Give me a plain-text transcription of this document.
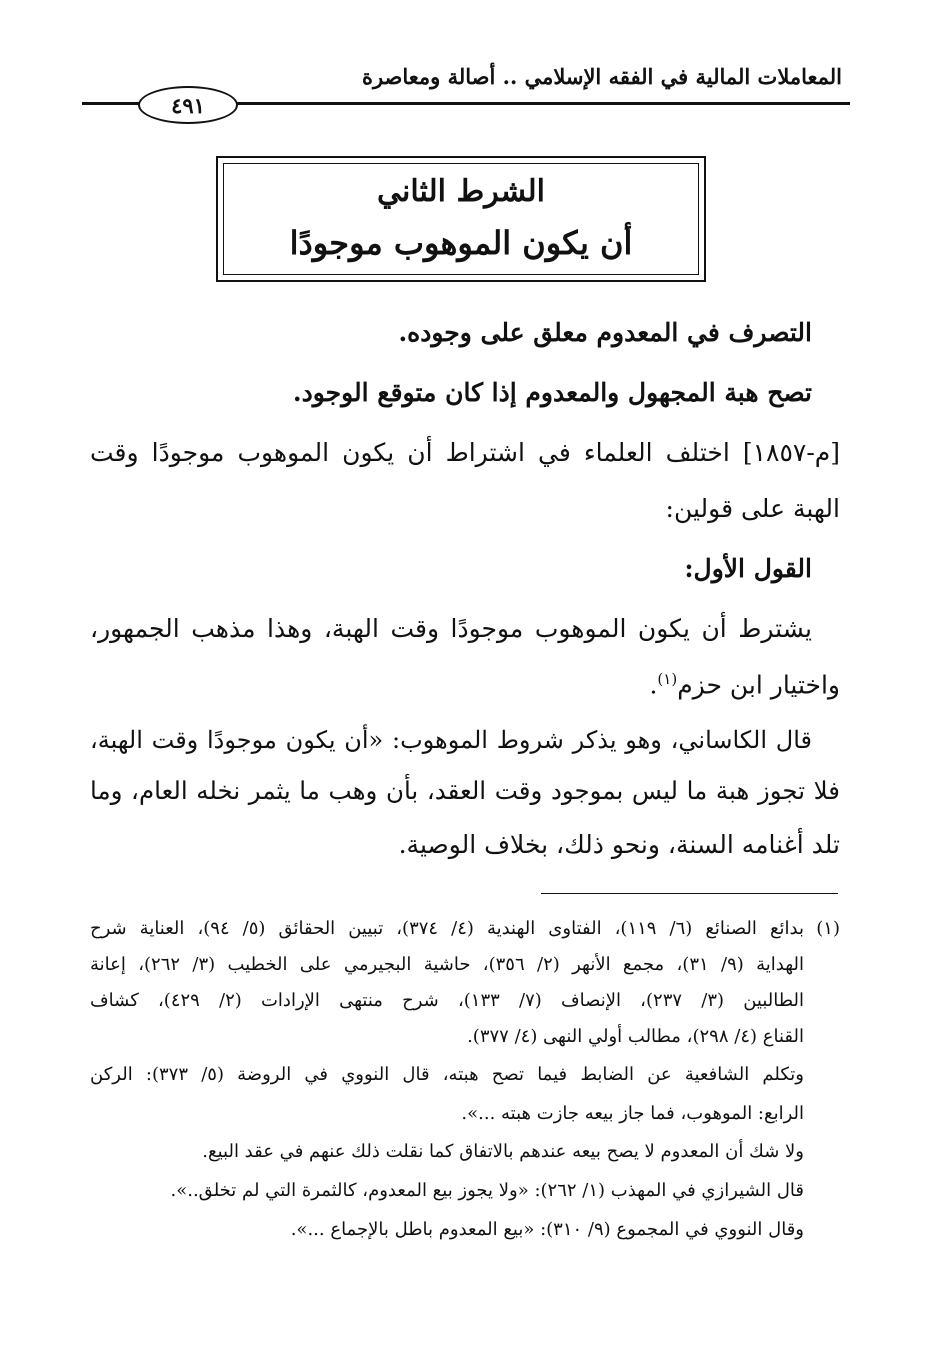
المعاملات المالية في الفقه الإسلامي .. أصالة ومعاصرة
٤٩١
الشرط الثاني
أن يكون الموهوب موجودًا
التصرف في المعدوم معلق على وجوده.
تصح هبة المجهول والمعدوم إذا كان متوقع الوجود.
[م-١٨٥٧] اختلف العلماء في اشتراط أن يكون الموهوب موجودًا وقت
الهبة على قولين:
القول الأول:
يشترط أن يكون الموهوب موجودًا وقت الهبة، وهذا مذهب الجمهور،
واختيار ابن حزم$^{(١)}$.
قال الكاساني، وهو يذكر شروط الموهوب: «أن يكون موجودًا وقت الهبة،
فلا تجوز هبة ما ليس بموجود وقت العقد، بأن وهب ما يثمر نخله العام، وما
تلد أغنامه السنة، ونحو ذلك، بخلاف الوصية.
(١)
بدائع الصنائع (٦/ ١١٩)، الفتاوى الهندية (٤/ ٣٧٤)، تبيين الحقائق (٥/ ٩٤)، العناية شرح
الهداية (٩/ ٣١)، مجمع الأنهر (٢/ ٣٥٦)، حاشية البجيرمي على الخطيب (٣/ ٢٦٢)، إعانة
الطالبين (٣/ ٢٣٧)، الإنصاف (٧/ ١٣٣)، شرح منتهى الإرادات (٢/ ٤٢٩)، كشاف
القناع (٤/ ٢٩٨)، مطالب أولي النهى (٤/ ٣٧٧).
وتكلم الشافعية عن الضابط فيما تصح هبته، قال النووي في الروضة (٥/ ٣٧٣): الركن
الرابع: الموهوب، فما جاز بيعه جازت هبته ...».
ولا شك أن المعدوم لا يصح بيعه عندهم بالاتفاق كما نقلت ذلك عنهم في عقد البيع.
قال الشيرازي في المهذب (١/ ٢٦٢): «ولا يجوز بيع المعدوم، كالثمرة التي لم تخلق..».
وقال النووي في المجموع (٩/ ٣١٠): «بيع المعدوم باطل بالإجماع ...».
